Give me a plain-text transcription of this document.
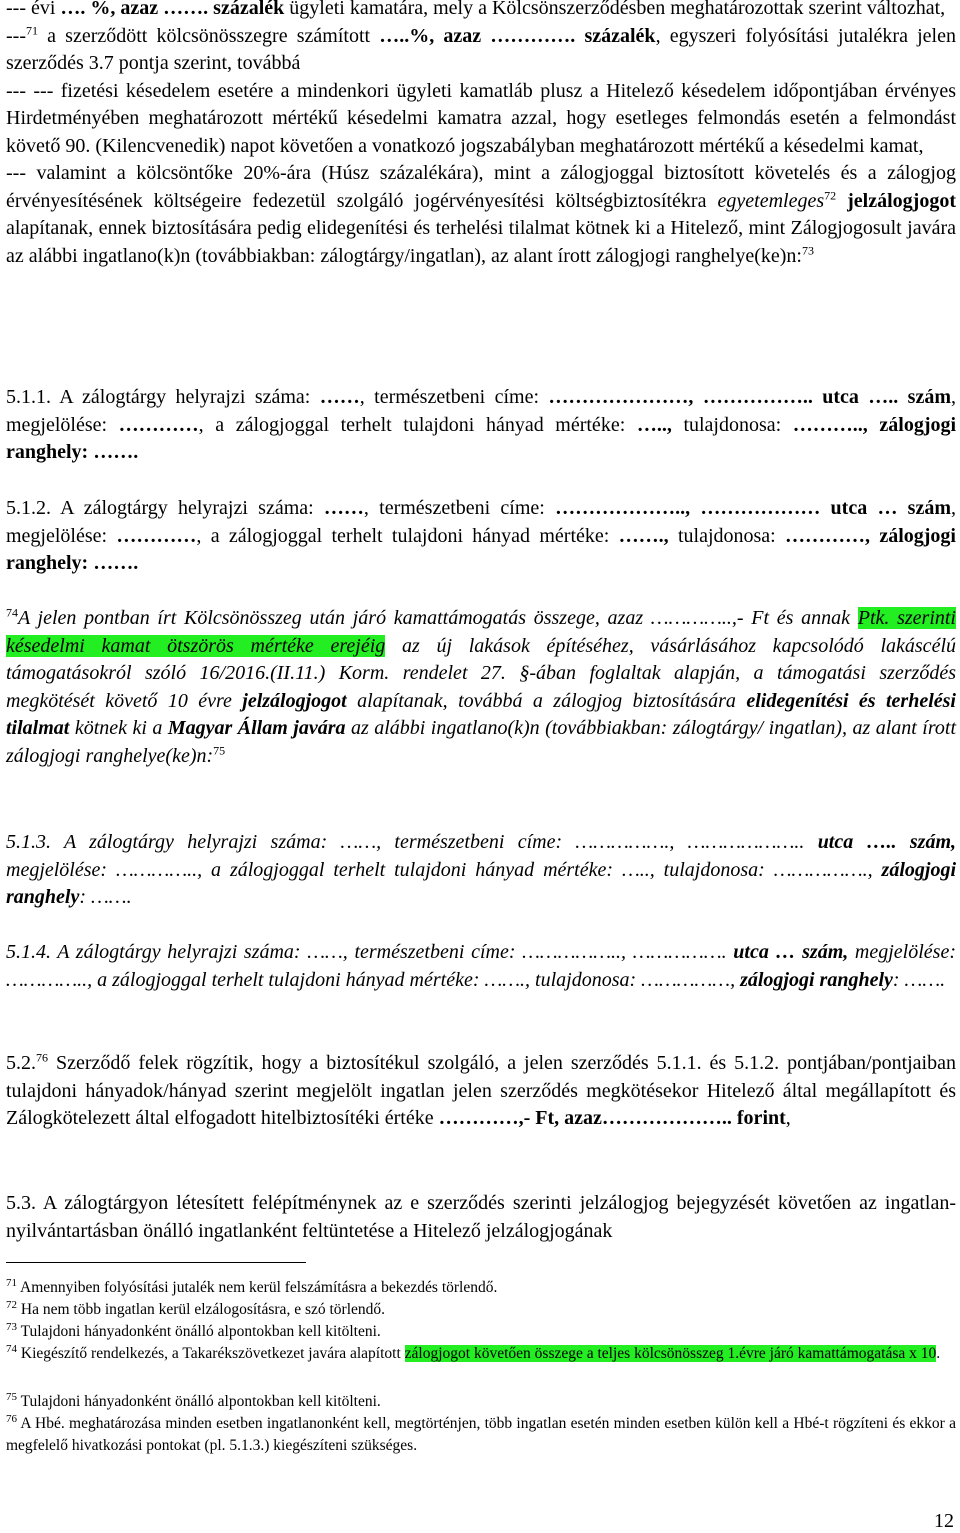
--- évi …. %, azaz ……. százalék ügyleti kamatára, mely a Kölcsönszerződésben meghatározottak szerint változhat,
---$^{71}$ a szerződött kölcsönösszegre számított …..%, azaz …………. százalék, egyszeri folyósítási jutalékra jelen szerződés 3.7 pontja szerint, továbbá
--- --- fizetési késedelem esetére a mindenkori ügyleti kamatláb plusz a Hitelező késedelem időpontjában érvényes Hirdetményében meghatározott mértékű késedelmi kamatra azzal, hogy esetleges felmondás esetén a felmondást követő 90. (Kilencvenedik) napot követően a vonatkozó jogszabályban meghatározott mértékű a késedelmi kamat,
--- valamint a kölcsöntőke 20%-ára (Húsz százalékára), mint a zálogjoggal biztosított követelés és a zálogjog érvényesítésének költségeire fedezetül szolgáló jogérvényesítési költségbiztosítékra egyetemleges$^{72}$ jelzálogjogot alapítanak, ennek biztosítására pedig elidegenítési és terhelési tilalmat kötnek ki a Hitelező, mint Zálogjogosult javára az alábbi ingatlano(k)n (továbbiakban: zálogtárgy/ingatlan), az alant írott zálogjogi ranghelye(ke)n:$^{73}$
5.1.1. A zálogtárgy helyrajzi száma: ……, természetbeni címe: …………………, …………….. utca ….. szám, megjelölése: …………, a zálogjoggal terhelt tulajdoni hányad mértéke: ….., tulajdonosa: ……….., zálogjogi ranghely: …….
5.1.2. A zálogtárgy helyrajzi száma: ……, természetbeni címe: ……………….., ……………… utca … szám, megjelölése: …………, a zálogjoggal terhelt tulajdoni hányad mértéke: ……., tulajdonosa: …………, zálogjogi ranghely: …….
$^{74}$A jelen pontban írt Kölcsönösszeg után járó kamattámogatás összege, azaz …………..,- Ft és annak Ptk. szerinti késedelmi kamat ötszörös mértéke erejéig az új lakások építéséhez, vásárlásához kapcsolódó lakáscélú támogatásokról szóló 16/2016.(II.11.) Korm. rendelet 27. §-ában foglaltak alapján, a támogatási szerződés megkötését követő 10 évre jelzálogjogot alapítanak, továbbá a zálogjog biztosítására elidegenítési és terhelési tilalmat kötnek ki a Magyar Állam javára az alábbi ingatlano(k)n (továbbiakban: zálogtárgy/ ingatlan), az alant írott zálogjogi ranghelye(ke)n:$^{75}$
5.1.3. A zálogtárgy helyrajzi száma: ……, természetbeni címe: ……………., ……………….. utca ….. szám, megjelölése: ………….., a zálogjoggal terhelt tulajdoni hányad mértéke: ….., tulajdonosa: ……………., zálogjogi ranghely: …….
5.1.4. A zálogtárgy helyrajzi száma: ……, természetbeni címe: …………….., ……………. utca … szám, megjelölése: ………….., a zálogjoggal terhelt tulajdoni hányad mértéke: ……., tulajdonosa: ……………, zálogjogi ranghely: …….
5.2.76 Szerződő felek rögzítik, hogy a biztosítékul szolgáló, a jelen szerződés 5.1.1. és 5.1.2. pontjában/pontjaiban tulajdoni hányadok/hányad szerint megjelölt ingatlan jelen szerződés megkötésekor Hitelező által megállapított és Zálogkötelezett által elfogadott hitelbiztosítéki értéke …………,- Ft, azaz……………….. forint,
5.3. A zálogtárgyon létesített felépítménynek az e szerződés szerinti jelzálogjog bejegyzését követően az ingatlan-nyilvántartásban önálló ingatlanként feltüntetése a Hitelező jelzálogjogának
$^{71}$ Amennyiben folyósítási jutalék nem kerül felszámításra a bekezdés törlendő.
$^{72}$ Ha nem több ingatlan kerül elzálogosításra, e szó törlendő.
$^{73}$ Tulajdoni hányadonként önálló alpontokban kell kitölteni.
$^{74}$ Kiegészítő rendelkezés, a Takarékszövetkezet javára alapított zálogjogot követően összege a teljes kölcsönösszeg 1.évre járó kamattámogatása x 10.
$^{75}$ Tulajdoni hányadonként önálló alpontokban kell kitölteni.
$^{76}$ A Hbé. meghatározása minden esetben ingatlanonként kell, megtörténjen, több ingatlan esetén minden esetben külön kell a Hbé-t rögzíteni és ekkor a megfelelő hivatkozási pontokat (pl. 5.1.3.) kiegészíteni szükséges.
12
